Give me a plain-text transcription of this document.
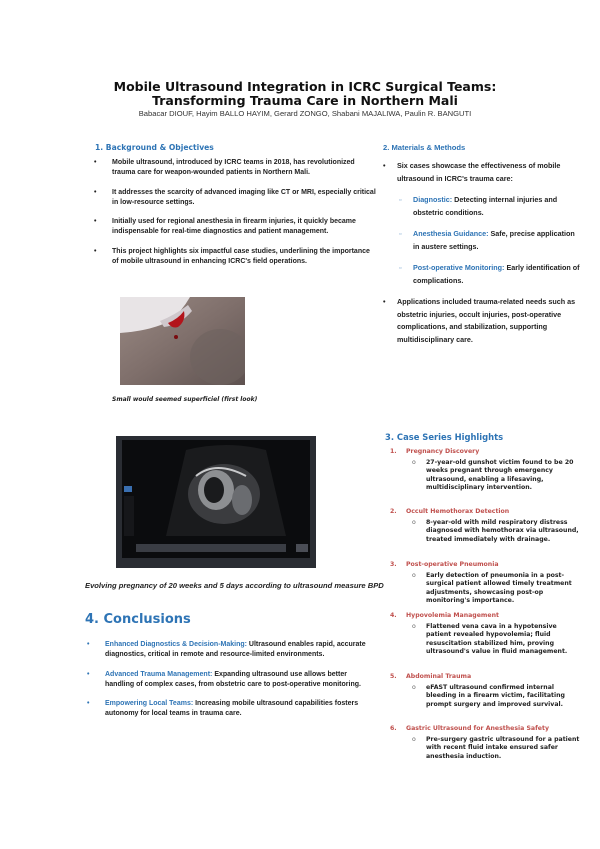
Mobile Ultrasound Integration in ICRC Surgical Teams: Transforming Trauma Care in Northern Mali
Babacar DIOUF, Hayim BALLO HAYIM, Gerard ZONGO, Shabani MAJALIWA, Paulin R. BANGUTI
1. Background & Objectives
• Mobile ultrasound, introduced by ICRC teams in 2018, has revolutionized trauma care for weapon-wounded patients in Northern Mali.
• It addresses the scarcity of advanced imaging like CT or MRI, especially critical in low-resource settings.
• Initially used for regional anesthesia in firearm injuries, it quickly became indispensable for real-time diagnostics and patient management.
• This project highlights six impactful case studies, underlining the importance of mobile ultrasound in enhancing ICRC's field operations.
Small would seemed superficiel (first look)
Evolving pregnancy of 20 weeks and 5 days according to ultrasound measure BPD
4. Conclusions
• Enhanced Diagnostics & Decision-Making: Ultrasound enables rapid, accurate diagnostics, critical in remote and resource-limited environments.
• Advanced Trauma Management: Expanding ultrasound use allows better handling of complex cases, from obstetric care to post-operative monitoring.
• Empowering Local Teams: Increasing mobile ultrasound capabilities fosters autonomy for local teams in trauma care.
2. Materials & Methods
• Six cases showcase the effectiveness of mobile ultrasound in ICRC's trauma care:
▫ Diagnostic: Detecting internal injuries and obstetric conditions.
▫ Anesthesia Guidance: Safe, precise application in austere settings.
▫ Post-operative Monitoring: Early identification of complications.
• Applications included trauma-related needs such as obstetric injuries, occult injuries, post-operative complications, and stabilization, supporting multidisciplinary care.
3. Case Series Highlights
1. Pregnancy Discovery
o 27-year-old gunshot victim found to be 20 weeks pregnant through emergency ultrasound, enabling a lifesaving, multidisciplinary intervention.
2. Occult Hemothorax Detection
o 8-year-old with mild respiratory distress diagnosed with hemothorax via ultrasound, treated immediately with drainage.
3. Post-operative Pneumonia
o Early detection of pneumonia in a post-surgical patient allowed timely treatment adjustments, showcasing post-op monitoring's importance.
4. Hypovolemia Management
o Flattened vena cava in a hypotensive patient revealed hypovolemia; fluid resuscitation stabilized him, proving ultrasound's value in fluid management.
5. Abdominal Trauma
o eFAST ultrasound confirmed internal bleeding in a firearm victim, facilitating prompt surgery and improved survival.
6. Gastric Ultrasound for Anesthesia Safety
o Pre-surgery gastric ultrasound for a patient with recent fluid intake ensured safer anesthesia induction.
